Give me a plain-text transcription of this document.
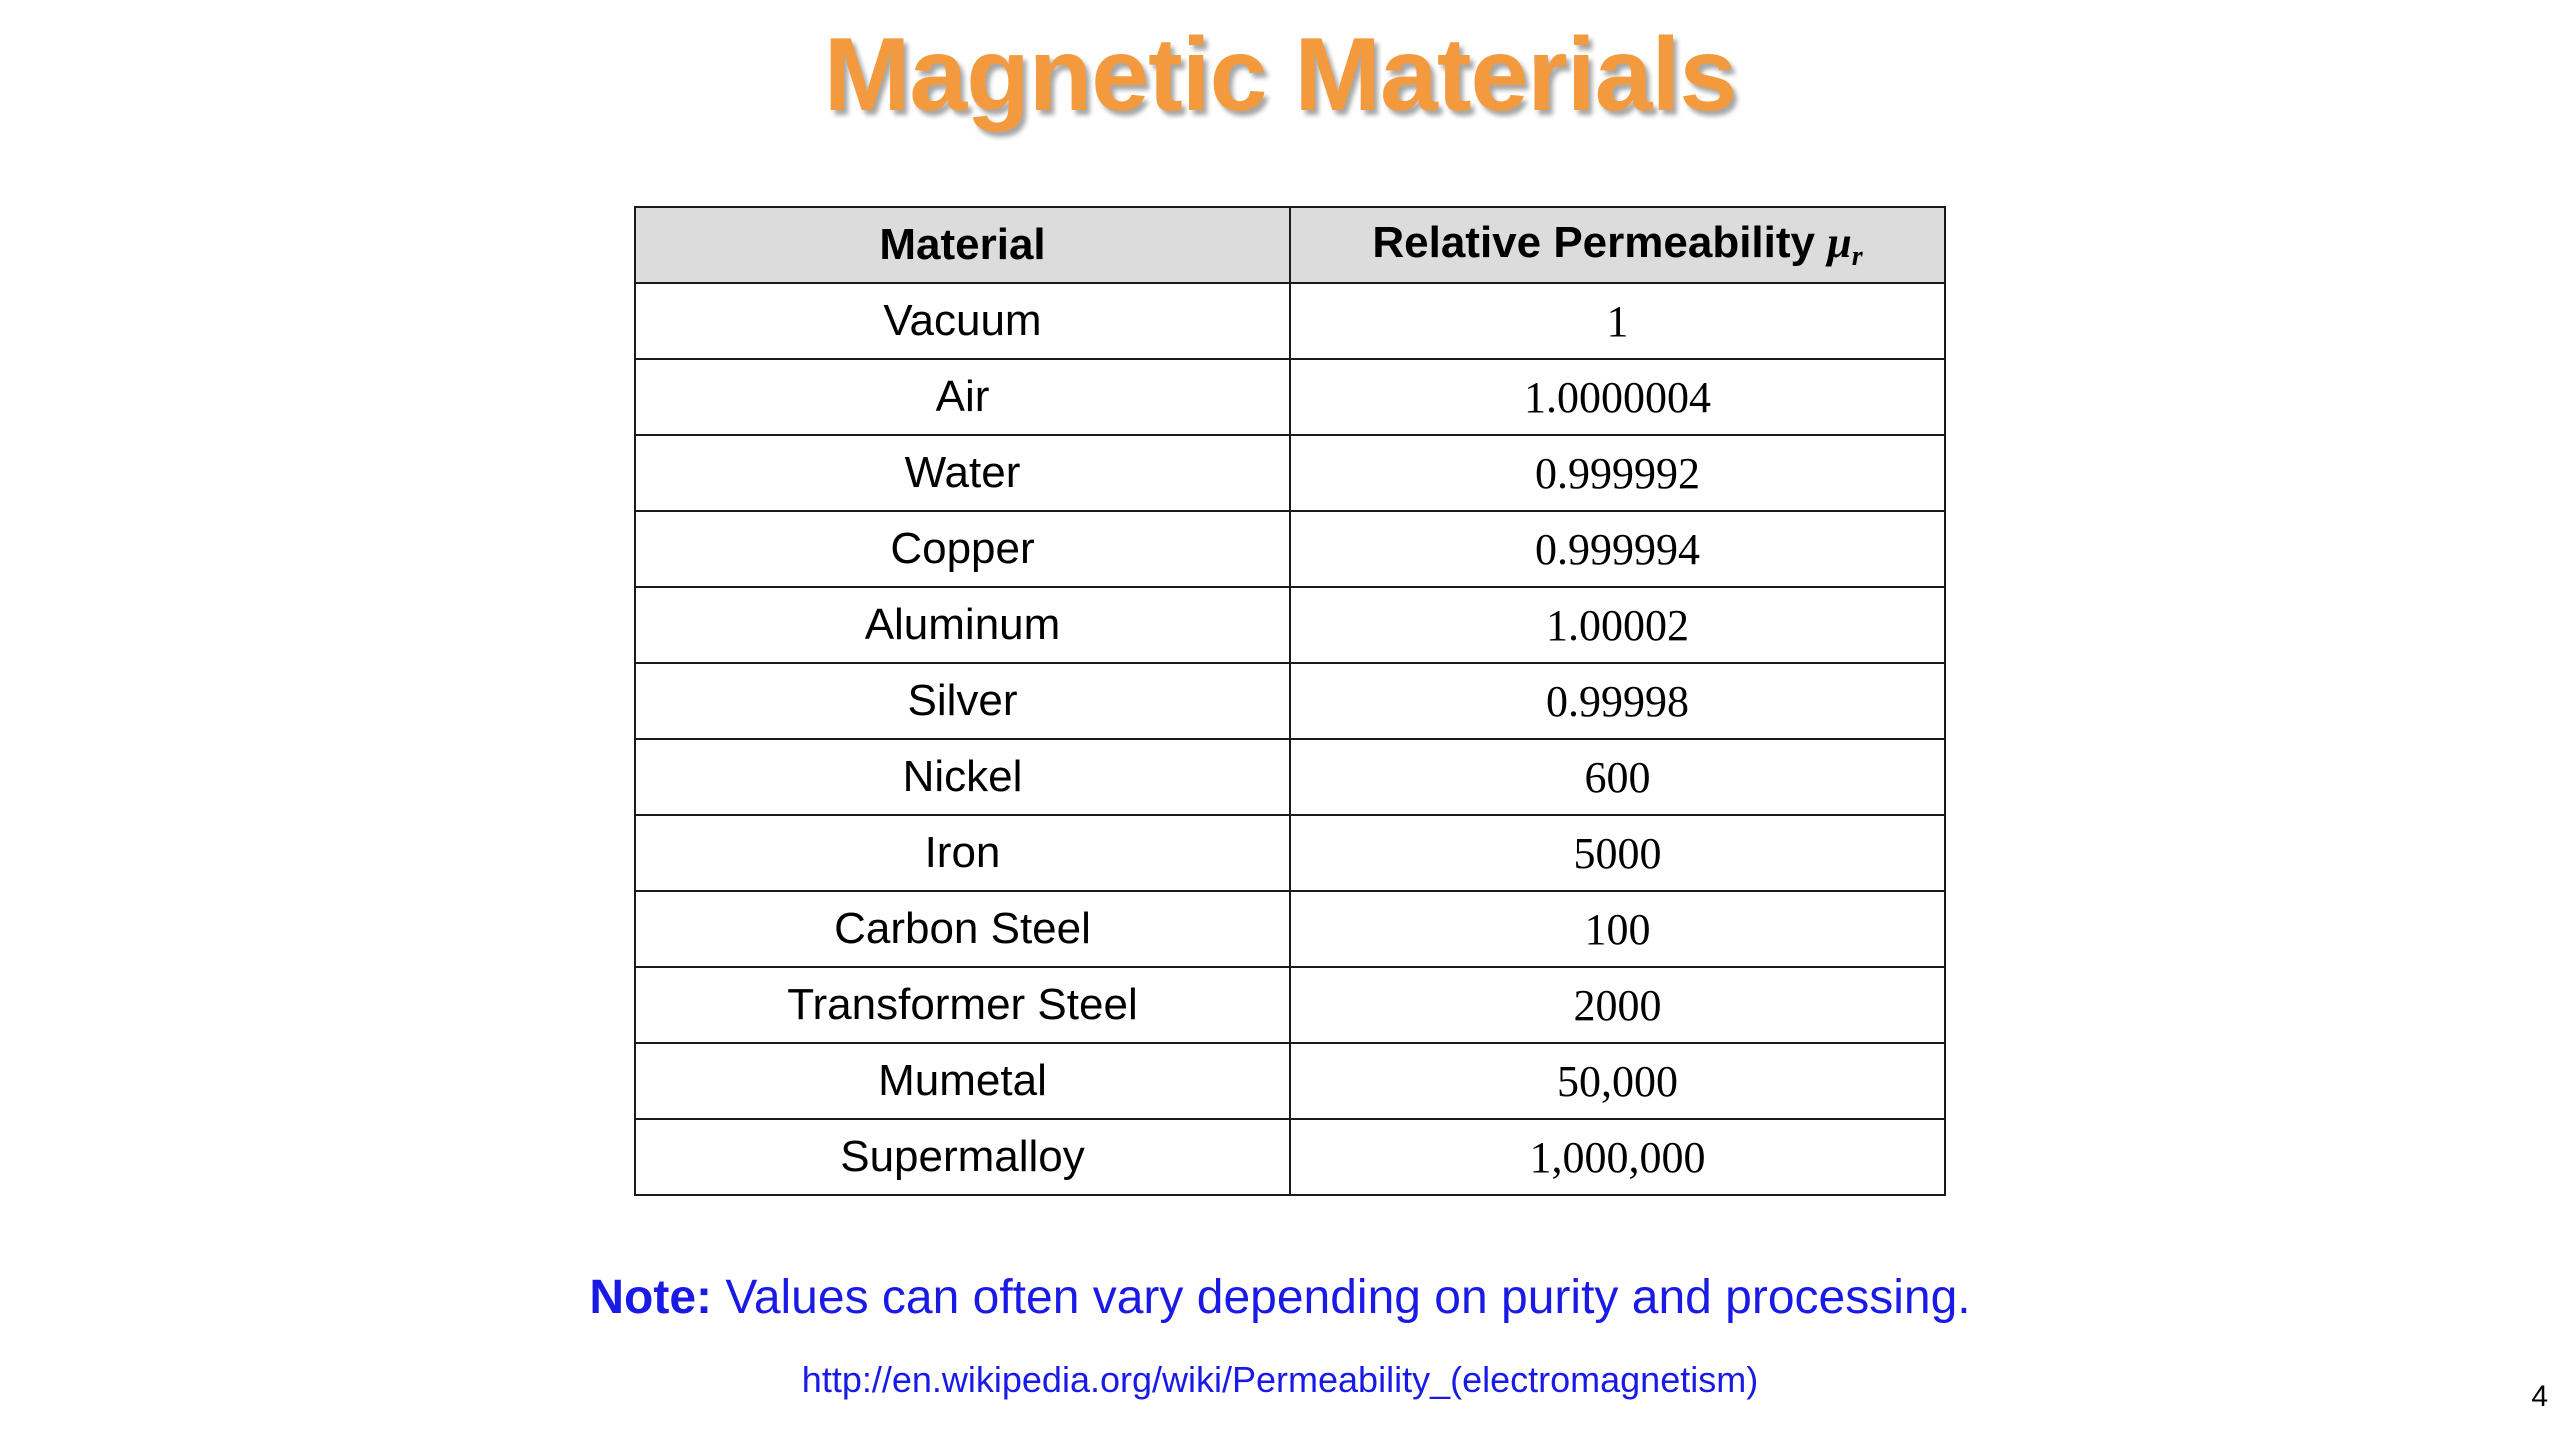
Magnetic Materials
Material	Relative Permeability $\mu_r$
Vacuum	1
Air	1.0000004
Water	0.999992
Copper	0.999994
Aluminum	1.00002
Silver	0.99998
Nickel	600
Iron	5000
Carbon Steel	100
Transformer Steel	2000
Mumetal	50,000
Supermalloy	1,000,000
Note: Values can often vary depending on purity and processing.
http://en.wikipedia.org/wiki/Permeability_(electromagnetism)	4
